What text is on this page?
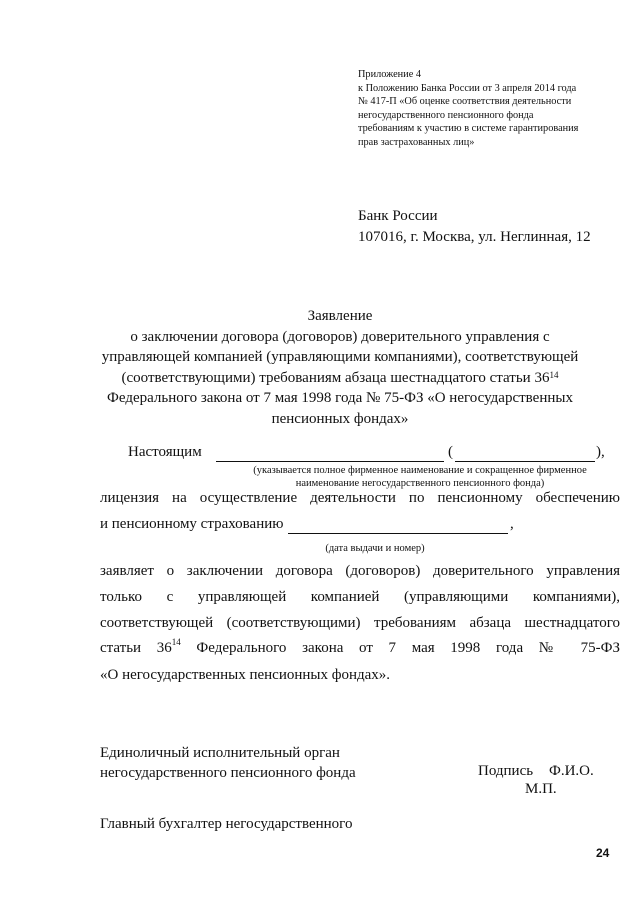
Приложение 4
к Положению Банка России от 3 апреля 2014 года
№ 417-П «Об оценке соответствия деятельности
негосударственного пенсионного фонда
требованиям к участию в системе гарантирования
прав застрахованных лиц»
Банк России
107016, г. Москва, ул. Неглинная, 12
Заявление
о заключении договора (договоров) доверительного управления с
управляющей компанией (управляющими компаниями), соответствующей
(соответствующими) требованиям абзаца шестнадцатого статьи $36^{14}$
Федерального закона от 7 мая 1998 года № 75-ФЗ «О негосударственных
пенсионных фондах»
Настоящим	(	),
(указывается полное фирменное наименование и сокращенное фирменное
наименование негосударственного пенсионного фонда)
лицензия на осуществление деятельности по пенсионному обеспечению
и пенсионному страхованию	,
(дата выдачи и номер)
заявляет о заключении договора (договоров) доверительного управления
только с управляющей компанией (управляющими компаниями),
соответствующей (соответствующими) требованиям абзаца шестнадцатого
статьи $36^{14}$ Федерального закона от 7 мая 1998 года № 75-ФЗ
«О негосударственных пенсионных фондах».
Единоличный исполнительный орган
негосударственного пенсионного фонда	Подпись Ф.И.О.
М.П.
Главный бухгалтер негосударственного
24
